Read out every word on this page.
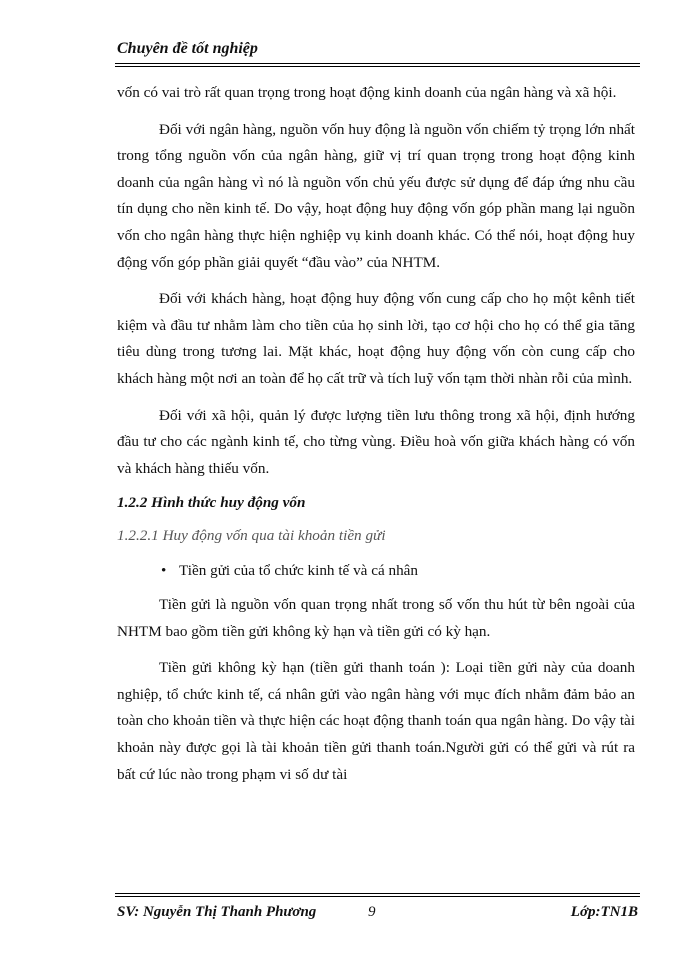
Chuyên đề tốt nghiệp

vốn có vai trò rất quan trọng trong hoạt động kinh doanh của ngân hàng và xã hội.

Đối với ngân hàng, nguồn vốn huy động là nguồn vốn chiếm tỷ trọng lớn nhất trong tổng nguồn vốn của ngân hàng, giữ vị trí quan trọng trong hoạt động kinh doanh của ngân hàng vì nó là nguồn vốn chủ yếu được sử dụng để đáp ứng nhu cầu tín dụng cho nền kinh tế. Do vậy, hoạt động huy động vốn góp phần mang lại nguồn vốn cho ngân hàng thực hiện nghiệp vụ kinh doanh khác. Có thể nói, hoạt động huy động vốn góp phần giải quyết “đầu vào” của NHTM.

Đối với khách hàng, hoạt động huy động vốn cung cấp cho họ một kênh tiết kiệm và đầu tư nhằm làm cho tiền của họ sinh lời, tạo cơ hội cho họ có thể gia tăng tiêu dùng trong tương lai. Mặt khác, hoạt động huy động vốn còn cung cấp cho khách hàng một nơi an toàn để họ cất trữ và tích luỹ vốn tạm thời nhàn rỗi của mình.

Đối với xã hội, quản lý được lượng tiền lưu thông trong xã hội, định hướng đầu tư cho các ngành kinh tế, cho từng vùng. Điều hoà vốn giữa khách hàng có vốn và khách hàng thiếu vốn.

1.2.2 Hình thức huy động vốn
1.2.2.1 Huy động vốn qua tài khoản tiền gửi
• Tiền gửi của tổ chức kinh tế và cá nhân

Tiền gửi là nguồn vốn quan trọng nhất trong số vốn thu hút từ bên ngoài của NHTM bao gồm tiền gửi không kỳ hạn và tiền gửi có kỳ hạn.

Tiền gửi không kỳ hạn (tiền gửi thanh toán ): Loại tiền gửi này của doanh nghiệp, tổ chức kinh tế, cá nhân gửi vào ngân hàng với mục đích nhằm đảm bảo an toàn cho khoản tiền và thực hiện các hoạt động thanh toán qua ngân hàng. Do vậy tài khoản này được gọi là tài khoản tiền gửi thanh toán.Người gửi có thể gửi và rút ra bất cứ lúc nào trong phạm vi số dư tài

SV: Nguyễn Thị Thanh Phương	9	Lớp:TN1B
